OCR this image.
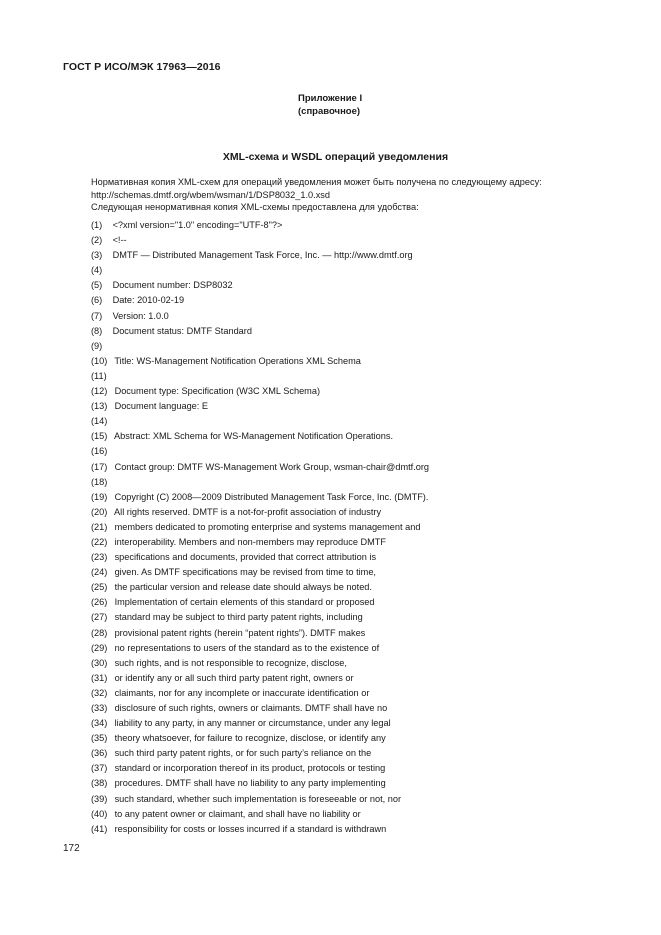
ГОСТ Р ИСО/МЭК 17963—2016
Приложение I
(справочное)
XML-схема и WSDL операций уведомления
Нормативная копия XML-схем для операций уведомления может быть получена по следующему адресу:
http://schemas.dmtf.org/wbem/wsman/1/DSP8032_1.0.xsd
Следующая ненормативная копия XML-схемы предоставлена для удобства:
(1) <?xml version="1.0" encoding="UTF-8"?>
(2) <!--
(3) DMTF — Distributed Management Task Force, Inc. — http://www.dmtf.org
(4)
(5) Document number: DSP8032
(6) Date: 2010-02-19
(7) Version: 1.0.0
(8) Document status: DMTF Standard
(9)
(10) Title: WS-Management Notification Operations XML Schema
(11)
(12) Document type: Specification (W3C XML Schema)
(13) Document language: E
(14)
(15) Abstract: XML Schema for WS-Management Notification Operations.
(16)
(17) Contact group: DMTF WS-Management Work Group, wsman-chair@dmtf.org
(18)
(19) Copyright (C) 2008—2009 Distributed Management Task Force, Inc. (DMTF).
(20) All rights reserved. DMTF is a not-for-profit association of industry
(21) members dedicated to promoting enterprise and systems management and
(22) interoperability. Members and non-members may reproduce DMTF
(23) specifications and documents, provided that correct attribution is
(24) given. As DMTF specifications may be revised from time to time,
(25) the particular version and release date should always be noted.
(26) Implementation of certain elements of this standard or proposed
(27) standard may be subject to third party patent rights, including
(28) provisional patent rights (herein “patent rights”). DMTF makes
(29) no representations to users of the standard as to the existence of
(30) such rights, and is not responsible to recognize, disclose,
(31) or identify any or all such third party patent right, owners or
(32) claimants, nor for any incomplete or inaccurate identification or
(33) disclosure of such rights, owners or claimants. DMTF shall have no
(34) liability to any party, in any manner or circumstance, under any legal
(35) theory whatsoever, for failure to recognize, disclose, or identify any
(36) such third party patent rights, or for such party’s reliance on the
(37) standard or incorporation thereof in its product, protocols or testing
(38) procedures. DMTF shall have no liability to any party implementing
(39) such standard, whether such implementation is foreseeable or not, nor
(40) to any patent owner or claimant, and shall have no liability or
(41) responsibility for costs or losses incurred if a standard is withdrawn
172
